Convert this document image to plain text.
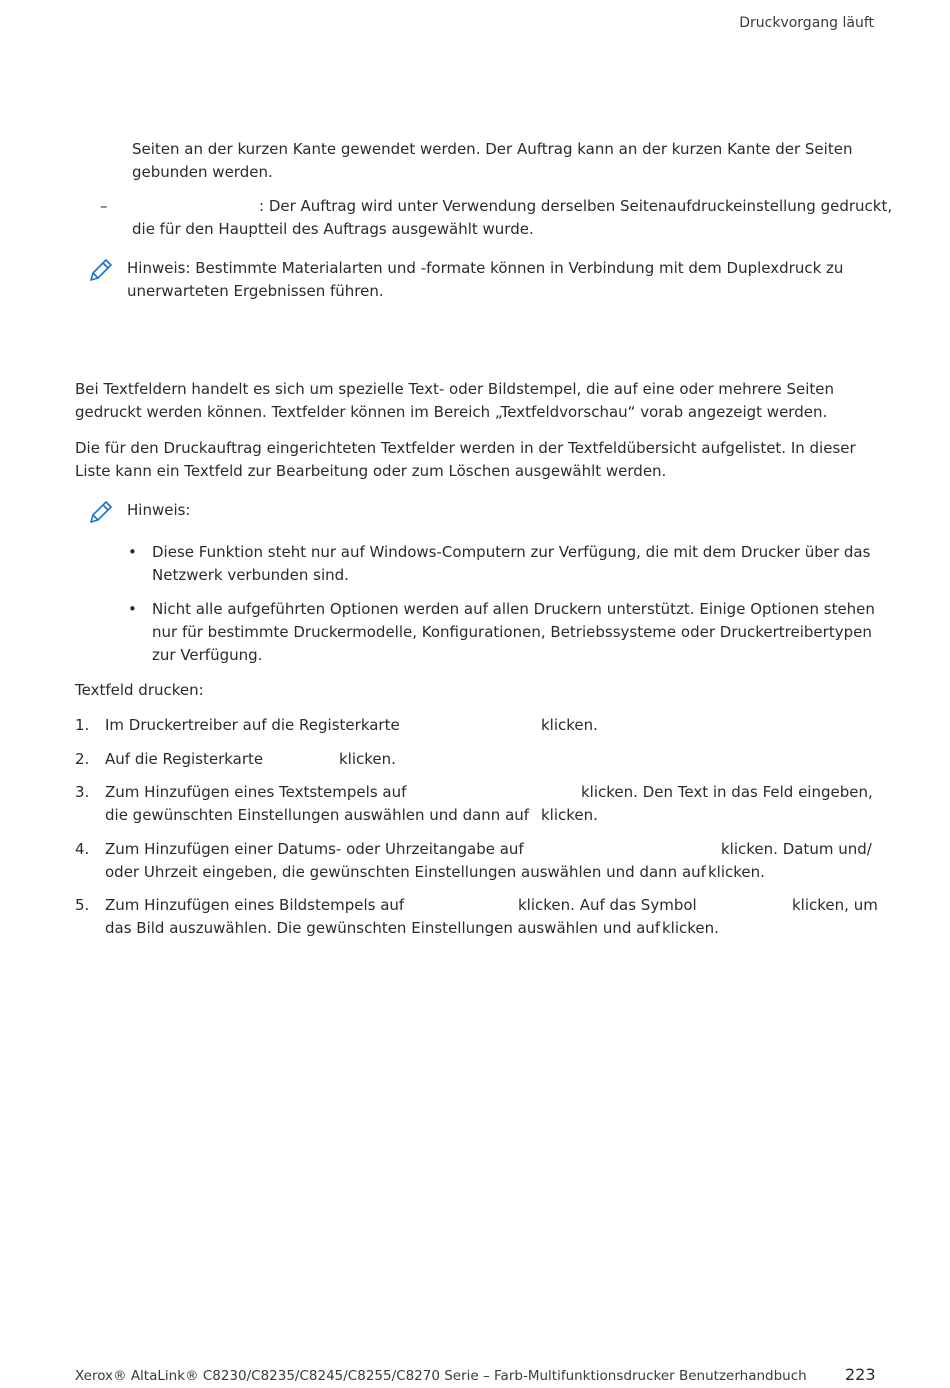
Druckvorgang läuft
Seiten an der kurzen Kante gewendet werden. Der Auftrag kann an der kurzen Kante der Seiten gebunden werden.
–	: Der Auftrag wird unter Verwendung derselben Seitenaufdruckeinstellung gedruckt,
die für den Hauptteil des Auftrags ausgewählt wurde.
Hinweis: Bestimmte Materialarten und -formate können in Verbindung mit dem Duplexdruck zu unerwarteten Ergebnissen führen.
Bei Textfeldern handelt es sich um spezielle Text- oder Bildstempel, die auf eine oder mehrere Seiten gedruckt werden können. Textfelder können im Bereich „Textfeldvorschau“ vorab angezeigt werden.
Die für den Druckauftrag eingerichteten Textfelder werden in der Textfeldübersicht aufgelistet. In dieser Liste kann ein Textfeld zur Bearbeitung oder zum Löschen ausgewählt werden.
Hinweis:
• Diese Funktion steht nur auf Windows-Computern zur Verfügung, die mit dem Drucker über das Netzwerk verbunden sind.
• Nicht alle aufgeführten Optionen werden auf allen Druckern unterstützt. Einige Optionen stehen nur für bestimmte Druckermodelle, Konfigurationen, Betriebssysteme oder Druckertreibertypen zur Verfügung.
Textfeld drucken:
1. Im Druckertreiber auf die Registerkarte	klicken.
2. Auf die Registerkarte	klicken.
3. Zum Hinzufügen eines Textstempels auf	klicken. Den Text in das Feld eingeben,
die gewünschten Einstellungen auswählen und dann auf klicken.
4. Zum Hinzufügen einer Datums- oder Uhrzeitangabe auf	klicken. Datum und/
oder Uhrzeit eingeben, die gewünschten Einstellungen auswählen und dann auf klicken.
5. Zum Hinzufügen eines Bildstempels auf	klicken. Auf das Symbol	klicken, um
das Bild auszuwählen. Die gewünschten Einstellungen auswählen und auf klicken.
Xerox® AltaLink® C8230/C8235/C8245/C8255/C8270 Serie – Farb-Multifunktionsdrucker Benutzerhandbuch 223
